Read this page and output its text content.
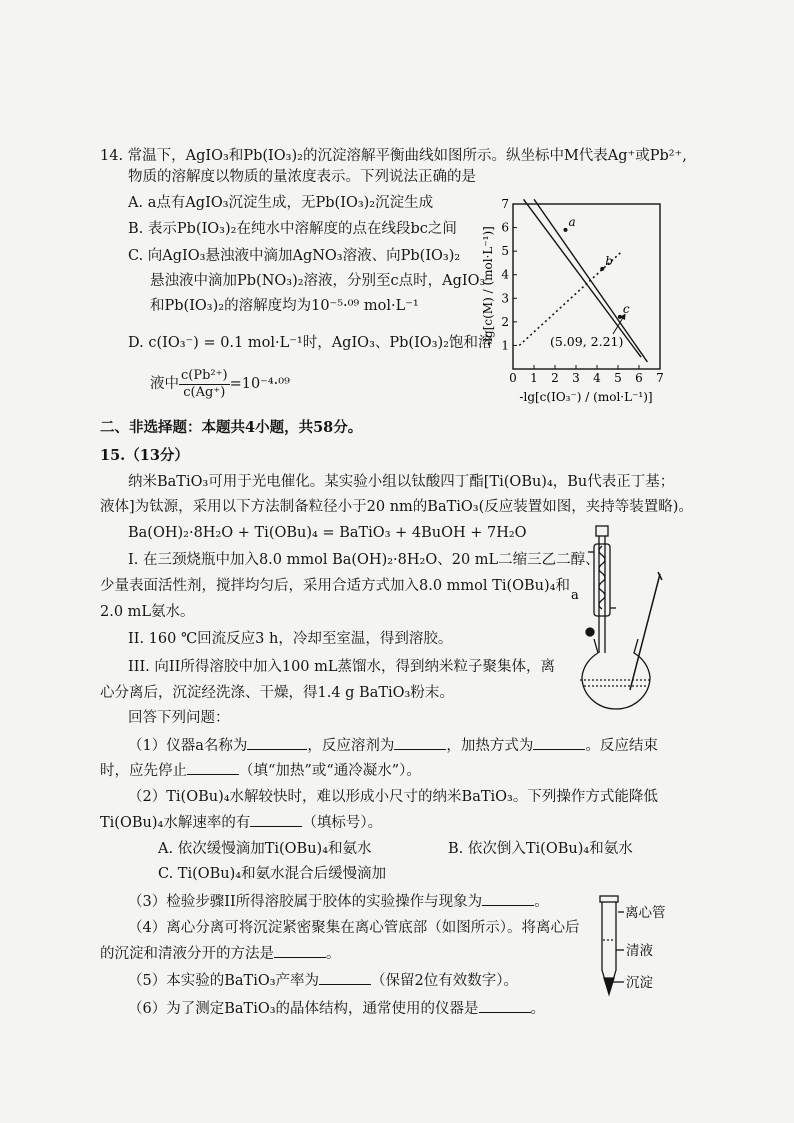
14. 常温下，AgIO₃和Pb(IO₃)₂的沉淀溶解平衡曲线如图所示。纵坐标中M代表Ag⁺或Pb²⁺,
物质的溶解度以物质的量浓度表示。下列说法正确的是
A. a点有AgIO₃沉淀生成，无Pb(IO₃)₂沉淀生成
B. 表示Pb(IO₃)₂在纯水中溶解度的点在线段bc之间
C. 向AgIO₃悬浊液中滴加AgNO₃溶液、向Pb(IO₃)₂
悬浊液中滴加Pb(NO₃)₂溶液，分别至c点时，AgIO₃
和Pb(IO₃)₂的溶解度均为10⁻⁵·⁰⁹ mol·L⁻¹
D. c(IO₃⁻) = 0.1 mol·L⁻¹时，AgIO₃、Pb(IO₃)₂饱和溶
液中 $\frac{\text{c(Pb²⁺)}}{c(Ag^+)} =10^{-4}\cdot^{09}$	0 1 2 3 4 5 6 7
1
2
3
4
5
6
7
a
b
c
(5.09, 2.21)
-lg[c(IO₃⁻) / (mol·L⁻¹)]
-lg[c(M) / (mol·L⁻¹)]
二、非选择题：本题共4小题，共58分。
15.（13分）
纳米BaTiO₃可用于光电催化。某实验小组以钛酸四丁酯[Ti(OBu)₄，Bu代表正丁基；
液体]为钛源，采用以下方法制备粒径小于20 nm的BaTiO₃(反应装置如图，夹持等装置略)。
Ba(OH)₂·8H₂O + Ti(OBu)₄ = BaTiO₃ + 4BuOH + 7H₂O
I. 在三颈烧瓶中加入8.0 mmol Ba(OH)₂·8H₂O、20 mL二缩三乙二醇、
少量表面活性剂，搅拌均匀后，采用合适方式加入8.0 mmol Ti(OBu)₄和
2.0 mL氨水。
II. 160 ℃回流反应3 h，冷却至室温，得到溶胶。
III. 向II所得溶胶中加入100 mL蒸馏水，得到纳米粒子聚集体，离
心分离后，沉淀经洗涤、干燥，得1.4 g BaTiO₃粉末。
a
回答下列问题：
（1）仪器a名称为	，反应溶剂为	，加热方式为	。反应结束
时，应先停止	（填“加热”或“通冷凝水”）。
（2）Ti(OBu)₄水解较快时，难以形成小尺寸的纳米BaTiO₃。下列操作方式能降低
Ti(OBu)₄水解速率的有	（填标号）。
A. 依次缓慢滴加Ti(OBu)₄和氨水	B. 依次倒入Ti(OBu)₄和氨水
C. Ti(OBu)₄和氨水混合后缓慢滴加
（3）检验步骤II所得溶胶属于胶体的实验操作与现象为	。
（4）离心分离可将沉淀紧密聚集在离心管底部（如图所示）。将离心后
的沉淀和清液分开的方法是	。
（5）本实验的BaTiO₃产率为	（保留2位有效数字）。
（6）为了测定BaTiO₃的晶体结构，通常使用的仪器是	。
离心管
清液
沉淀
